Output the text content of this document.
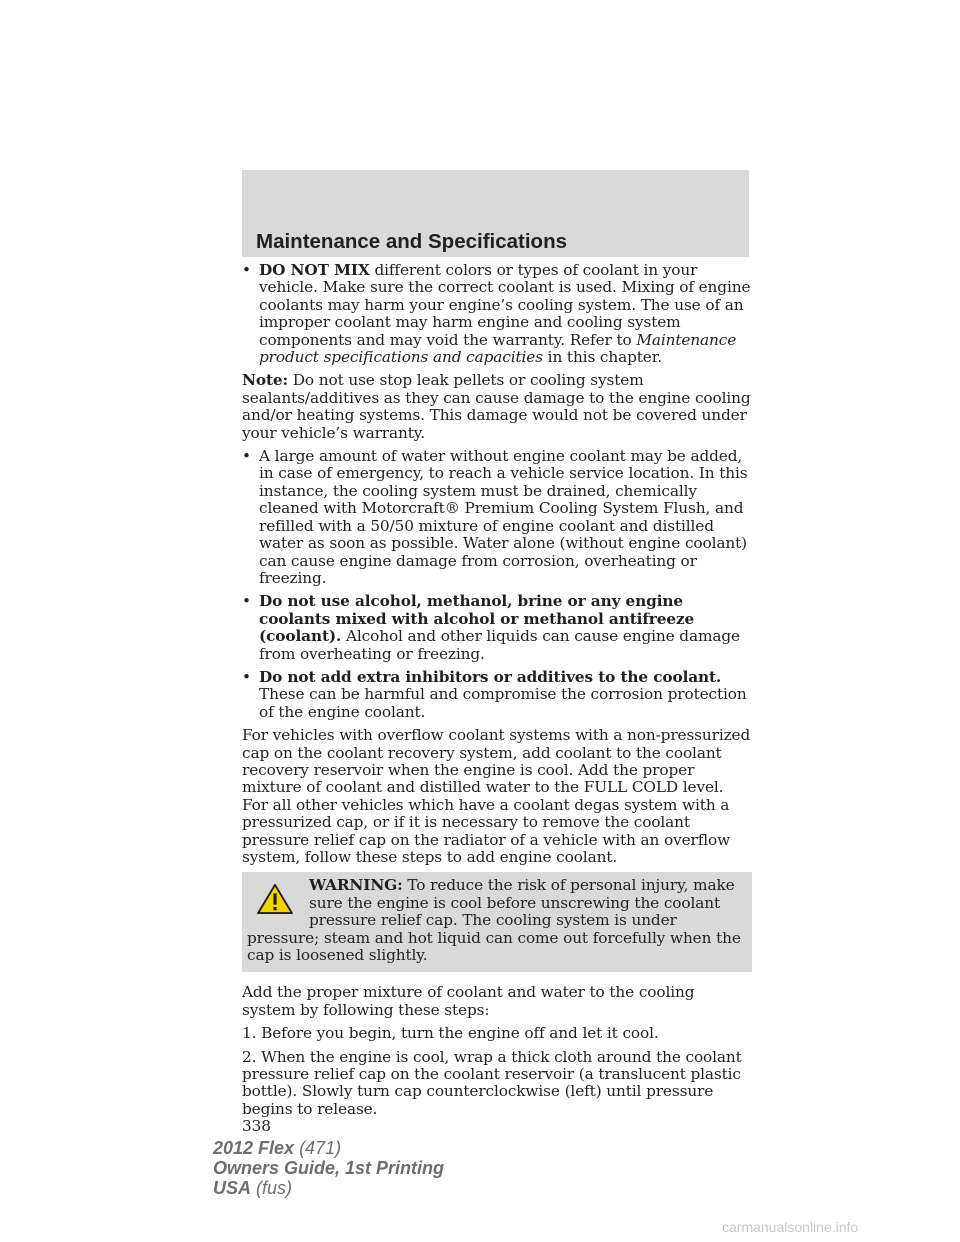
Maintenance and Specifications
• DO NOT MIX different colors or types of coolant in your vehicle. Make sure the correct coolant is used. Mixing of engine coolants may harm your engine’s cooling system. The use of an improper coolant may harm engine and cooling system components and may void the warranty. Refer to Maintenance product specifications and capacities in this chapter.

Note: Do not use stop leak pellets or cooling system sealants/additives as they can cause damage to the engine cooling and/or heating systems. This damage would not be covered under your vehicle’s warranty.

• A large amount of water without engine coolant may be added, in case of emergency, to reach a vehicle service location. In this instance, the cooling system must be drained, chemically cleaned with Motorcraft® Premium Cooling System Flush, and refilled with a 50/50 mixture of engine coolant and distilled water as soon as possible. Water alone (without engine coolant) can cause engine damage from corrosion, overheating or freezing.
• Do not use alcohol, methanol, brine or any engine coolants mixed with alcohol or methanol antifreeze (coolant). Alcohol and other liquids can cause engine damage from overheating or freezing.
• Do not add extra inhibitors or additives to the coolant. These can be harmful and compromise the corrosion protection of the engine coolant.

For vehicles with overflow coolant systems with a non-pressurized cap on the coolant recovery system, add coolant to the coolant recovery reservoir when the engine is cool. Add the proper mixture of coolant and distilled water to the FULL COLD level. For all other vehicles which have a coolant degas system with a pressurized cap, or if it is necessary to remove the coolant pressure relief cap on the radiator of a vehicle with an overflow system, follow these steps to add engine coolant.

WARNING: To reduce the risk of personal injury, make sure the engine is cool before unscrewing the coolant pressure relief cap. The cooling system is under pressure; steam and hot liquid can come out forcefully when the cap is loosened slightly.

Add the proper mixture of coolant and water to the cooling system by following these steps:

1. Before you begin, turn the engine off and let it cool.

2. When the engine is cool, wrap a thick cloth around the coolant pressure relief cap on the coolant reservoir (a translucent plastic bottle). Slowly turn cap counterclockwise (left) until pressure begins to release.

338
2012 Flex (471)
Owners Guide, 1st Printing
USA (fus)
carmanualsonline.info
